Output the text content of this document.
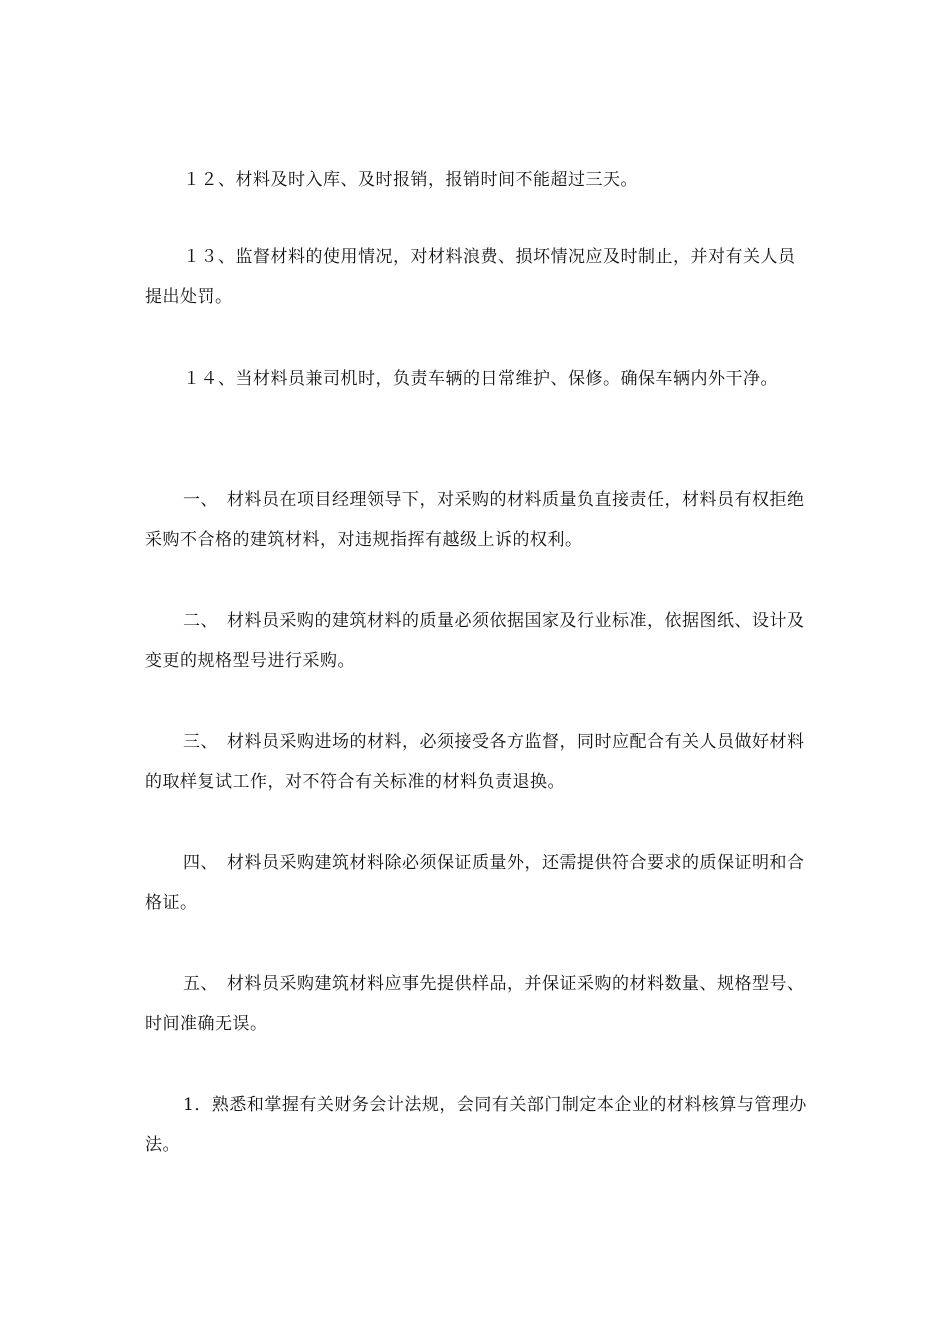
１２、材料及时入库、及时报销，报销时间不能超过三天。

１３、监督材料的使用情况，对材料浪费、损坏情况应及时制止，并对有关人员提出处罚。

１４、当材料员兼司机时，负责车辆的日常维护、保修。确保车辆内外干净。

一、　材料员在项目经理领导下，对采购的材料质量负直接责任，材料员有权拒绝采购不合格的建筑材料，对违规指挥有越级上诉的权利。

二、　材料员采购的建筑材料的质量必须依据国家及行业标准，依据图纸、设计及变更的规格型号进行采购。

三、　材料员采购进场的材料，必须接受各方监督，同时应配合有关人员做好材料的取样复试工作，对不符合有关标准的材料负责退换。

四、　材料员采购建筑材料除必须保证质量外，还需提供符合要求的质保证明和合格证。

五、　材料员采购建筑材料应事先提供样品，并保证采购的材料数量、规格型号、时间准确无误。

1．熟悉和掌握有关财务会计法规，会同有关部门制定本企业的材料核算与管理办法。
